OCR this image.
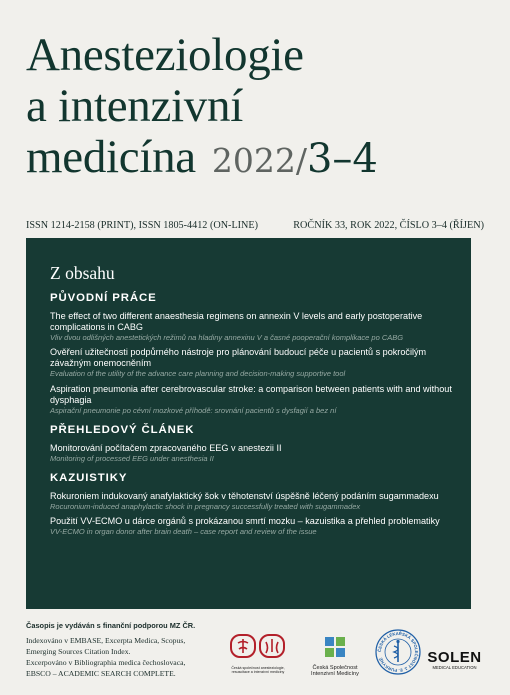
Anesteziologie
a intenzivní
medicína 2022/3–4
ISSN 1214-2158 (PRINT), ISSN 1805-4412 (ON-LINE)	ROČNÍK 33, ROK 2022, ČÍSLO 3–4 (ŘÍJEN)
Z obsahu
PŮVODNÍ PRÁCE
The effect of two different anaesthesia regimens on annexin V levels and early postoperative complications in CABG
Vliv dvou odlišných anestetických režimů na hladiny annexinu V a časné pooperační komplikace po CABG
Ověření užitečnosti podpůrného nástroje pro plánování budoucí péče u pacientů s pokročilým závažným onemocněním
Evaluation of the utility of the advance care planning and decision-making supportive tool
Aspiration pneumonia after cerebrovascular stroke: a comparison between patients with and without dysphagia
Aspirační pneumonie po cévní mozkové příhodě: srovnání pacientů s dysfagií a bez ní
PŘEHLEDOVÝ ČLÁNEK
Monitorování počítačem zpracovaného EEG v anestezii II
Monitoring of processed EEG under anesthesia II
KAZUISTIKY
Rokuroniem indukovaný anafylaktický šok v těhotenství úspěšně léčený podáním sugammadexu
Rocuronium-induced anaphylactic shock in pregnancy successfully treated with sugammadex
Použití VV-ECMO u dárce orgánů s prokázanou smrtí mozku – kazuistika a přehled problematiky
VV-ECMO in organ donor after brain death – case report and review of the issue
Časopis je vydáván s finanční podporou MZ ČR.
Indexováno v EMBASE, Excerpta Medica, Scopus,
Emerging Sources Citation Index.
Excerpováno v Bibliographia medica čechoslovaca,
EBSCO – ACADEMIC SEARCH COMPLETE.
Česká společnost anesteziologie, resuscitace a intenzivní medicíny
Česká Společnost
Intenzivní Medicíny
ČESKÁ LÉKAŘSKÁ SPOLEČNOST J. E. PURKYNĚ	SOLEN
MEDICAL EDUCATION
